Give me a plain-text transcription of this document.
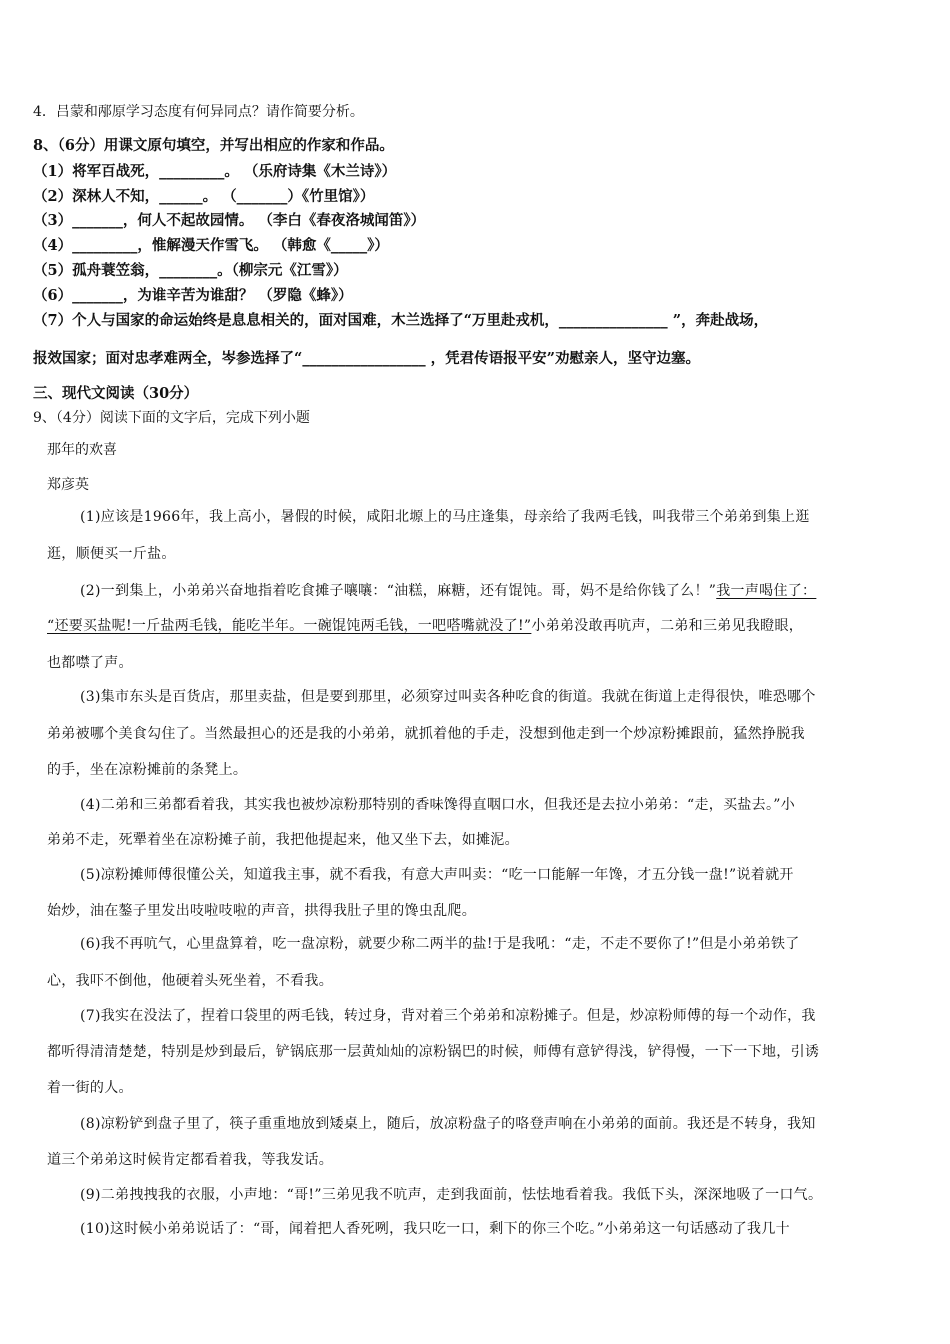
4．吕蒙和邴原学习态度有何异同点？请作简要分析。
8、（6分）用课文原句填空，并写出相应的作家和作品。
（1）将军百战死，_________。 （乐府诗集《木兰诗》）
（2）深林人不知，______。 （_______）《竹里馆》）
（3）_______，何人不起故园情。 （李白《春夜洛城闻笛》）
（4）_________，惟解漫天作雪飞。 （韩愈《_____》）
（5）孤舟蓑笠翁，________。（柳宗元《江雪》）
（6）_______，为谁辛苦为谁甜？ （罗隐《蜂》）
（7）个人与国家的命运始终是息息相关的，面对国难，木兰选择了“万里赴戎机，_______________ ”，奔赴战场，
报效国家；面对忠孝难两全，岑参选择了“_________________ ，凭君传语报平安”劝慰亲人，坚守边塞。
三、现代文阅读（30分）
9、（4分）阅读下面的文字后，完成下列小题
那年的欢喜
郑彦英
(1)应该是1966年，我上高小，暑假的时候，咸阳北塬上的马庄逢集，母亲给了我两毛钱，叫我带三个弟弟到集上逛
逛，顺便买一斤盐。
(2)一到集上，小弟弟兴奋地指着吃食摊子嚷嚷：“油糕，麻糖，还有馄饨。哥，妈不是给你钱了么！”我一声喝住了：
“还要买盐呢!一斤盐两毛钱，能吃半年。一碗馄饨两毛钱，一吧嗒嘴就没了!”小弟弟没敢再吭声，二弟和三弟见我瞪眼，
也都噤了声。
(3)集市东头是百货店，那里卖盐，但是要到那里，必须穿过叫卖各种吃食的街道。我就在街道上走得很快，唯恐哪个
弟弟被哪个美食勾住了。当然最担心的还是我的小弟弟，就抓着他的手走，没想到他走到一个炒凉粉摊跟前，猛然挣脱我
的手，坐在凉粉摊前的条凳上。
(4)二弟和三弟都看着我，其实我也被炒凉粉那特别的香味馋得直咽口水，但我还是去拉小弟弟：“走，买盐去。”小
弟弟不走，死犟着坐在凉粉摊子前，我把他提起来，他又坐下去，如摊泥。
(5)凉粉摊师傅很懂公关，知道我主事，就不看我，有意大声叫卖：“吃一口能解一年馋，才五分钱一盘!”说着就开
始炒，油在鏊子里发出吱啦吱啦的声音，拱得我肚子里的馋虫乱爬。
(6)我不再吭气，心里盘算着，吃一盘凉粉，就要少称二两半的盐!于是我吼：“走，不走不要你了!”但是小弟弟铁了
心，我吓不倒他，他硬着头死坐着，不看我。
(7)我实在没法了，捏着口袋里的两毛钱，转过身，背对着三个弟弟和凉粉摊子。但是，炒凉粉师傅的每一个动作，我
都听得清清楚楚，特别是炒到最后，铲锅底那一层黄灿灿的凉粉锅巴的时候，师傅有意铲得浅，铲得慢，一下一下地，引诱
着一街的人。
(8)凉粉铲到盘子里了，筷子重重地放到矮桌上，随后，放凉粉盘子的咯登声响在小弟弟的面前。我还是不转身，我知
道三个弟弟这时候肯定都看着我，等我发话。
(9)二弟拽拽我的衣服，小声地：“哥!”三弟见我不吭声，走到我面前，怯怯地看着我。我低下头，深深地吸了一口气。
(10)这时候小弟弟说话了：“哥，闻着把人香死咧，我只吃一口，剩下的你三个吃。”小弟弟这一句话感动了我几十
